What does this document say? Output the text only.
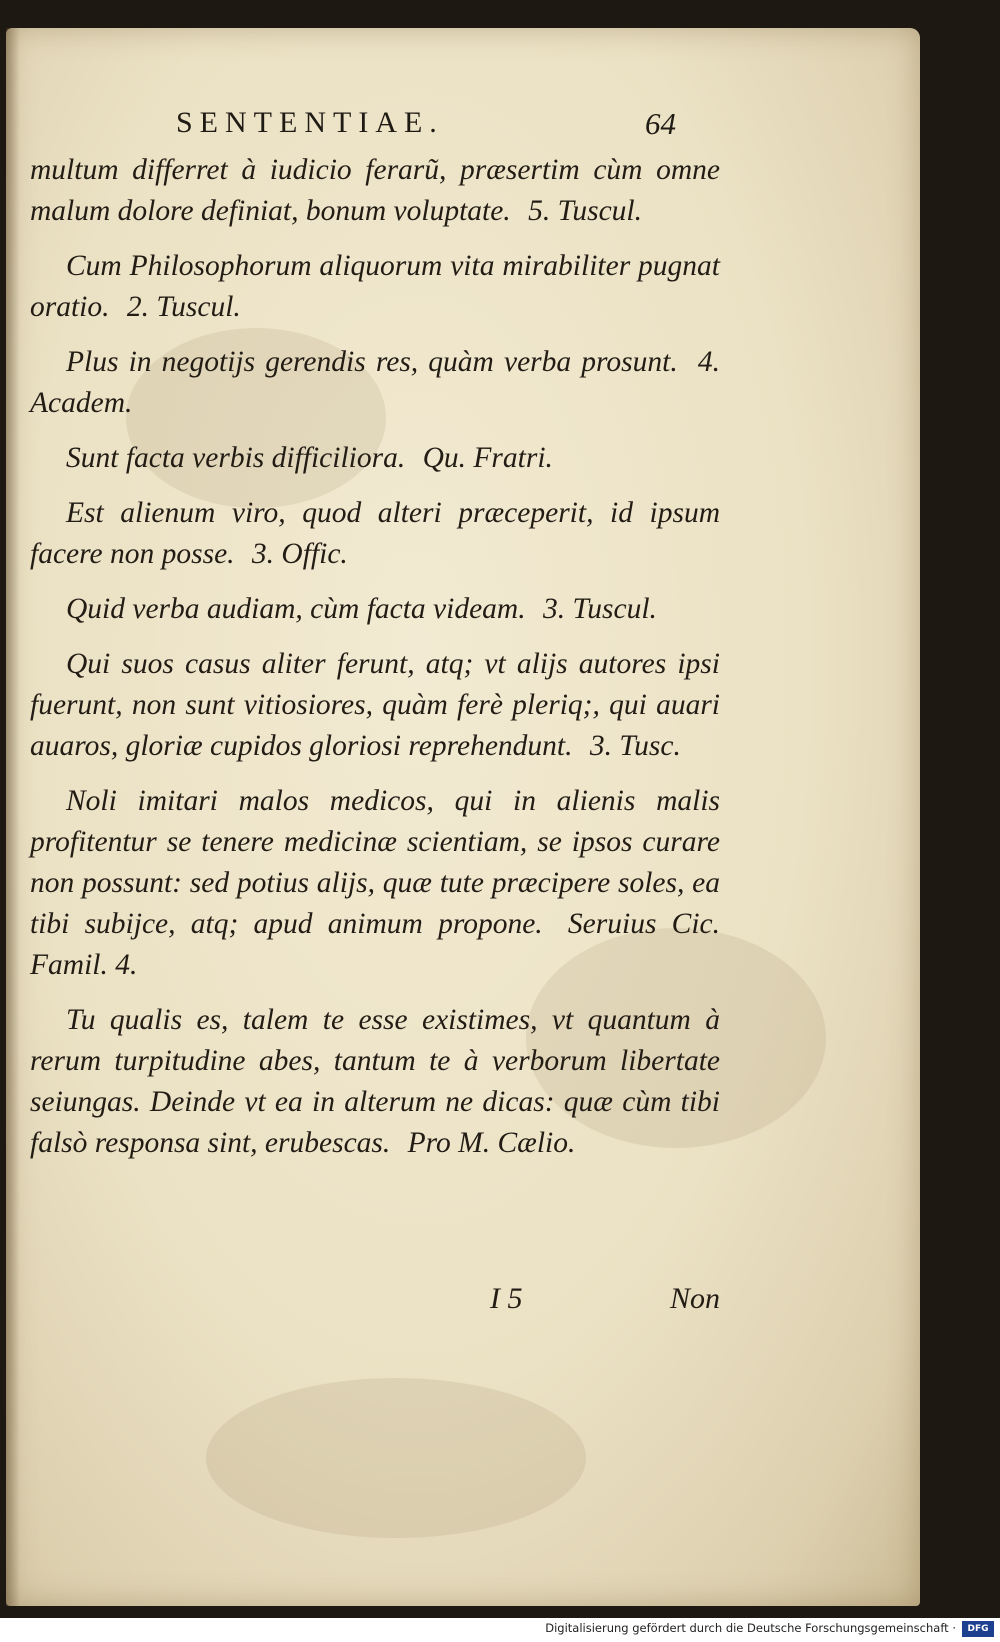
SENTENTIAE.	64

multum differret à iudicio ferarũ, præsertim cùm omne malum dolore definiat, bonum voluptate. 5. Tuscul.

Cum Philosophorum aliquorum vita mirabiliter pugnat oratio. 2. Tuscul.

Plus in negotijs gerendis res, quàm verba prosunt. 4. Academ.

Sunt facta verbis difficiliora. Qu. Fratri.

Est alienum viro, quod alteri præceperit, id ipsum facere non posse. 3. Offic.

Quid verba audiam, cùm facta videam. 3. Tuscul.

Qui suos casus aliter ferunt, atq; vt alijs autores ipsi fuerunt, non sunt vitiosiores, quàm ferè pleriq;, qui auari auaros, gloriæ cupidos gloriosi reprehendunt. 3. Tusc.

Noli imitari malos medicos, qui in alienis malis profitentur se tenere medicinæ scientiam, se ipsos curare non possunt: sed potius alijs, quæ tute præcipere soles, ea tibi subijce, atq; apud animum propone. Seruius Cic. Famil. 4.

Tu qualis es, talem te esse existimes, vt quantum à rerum turpitudine abes, tantum te à verborum libertate seiungas. Deinde vt ea in alterum ne dicas: quæ cùm tibi falsò responsa sint, erubescas. Pro M. Cælio.

I 5	Non
Digitalisierung gefördert durch die Deutsche Forschungsgemeinschaft ·	DFG
